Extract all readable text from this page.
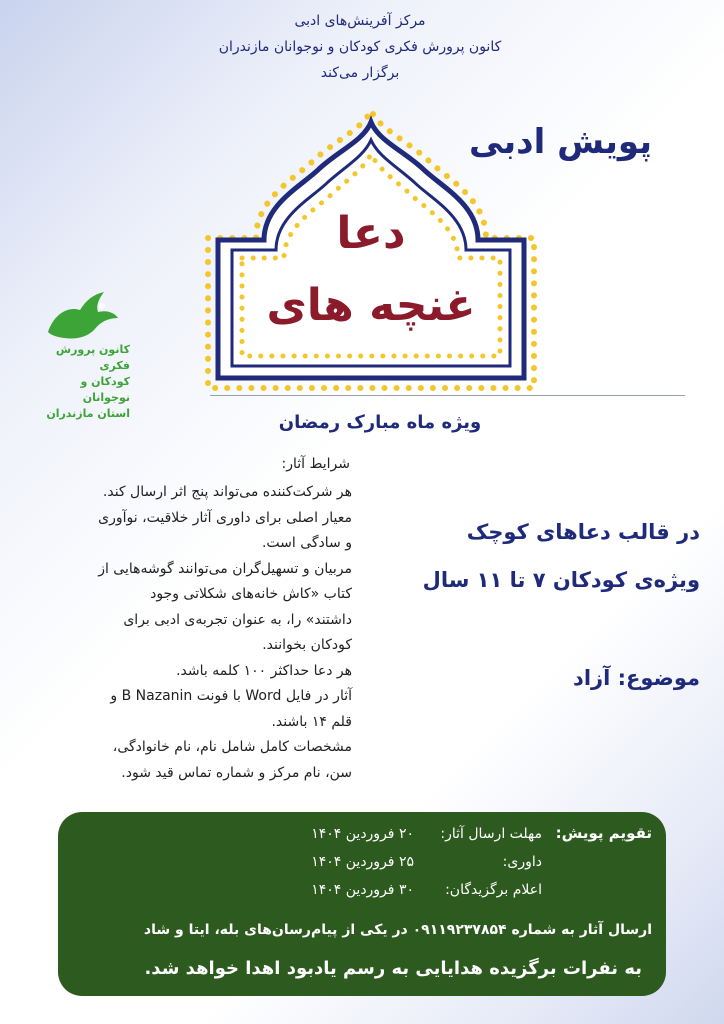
مرکز آفرینش‌های ادبی
کانون پرورش فکری کودکان و نوجوانان مازندران
برگزار می‌کند
پویش ادبی
دعا
غنچه های
کانون پرورش فکری
کودکان و نوجوانان
استان مازندران	ویژه ماه مبارک رمضان
شرایط آثار:
هر شرکت‌کننده می‌تواند پنج اثر ارسال کند.
معیار اصلی برای داوری آثار خلاقیت، نوآوری
و سادگی است.
مربیان و تسهیل‌گران می‌توانند گوشه‌هایی از
کتاب «کاش خانه‌های شکلاتی وجود
داشتند» را، به عنوان تجربه‌ی ادبی برای
کودکان بخوانند.
هر دعا حداکثر ۱۰۰ کلمه باشد.
آثار در فایل Word با فونت B Nazanin و
قلم ۱۴ باشند.
مشخصات کامل شامل نام، نام خانوادگی،
سن، نام مرکز و شماره تماس قید شود.
در قالب دعاهای کوچک
ویژه‌ی کودکان ۷ تا ۱۱ سال
موضوع: آزاد
تقویم پویش:
مهلت ارسال آثار:
۲۰ فروردین ۱۴۰۴
داوری:
۲۵ فروردین ۱۴۰۴
اعلام برگزیدگان:
۳۰ فروردین ۱۴۰۴
ارسال آثار به شماره ۰۹۱۱۹۲۳۷۸۵۴ در یکی از پیام‌رسان‌های بله، ایتا و شاد
به نفرات برگزیده هدایایی به رسم یادبود اهدا خواهد شد.
